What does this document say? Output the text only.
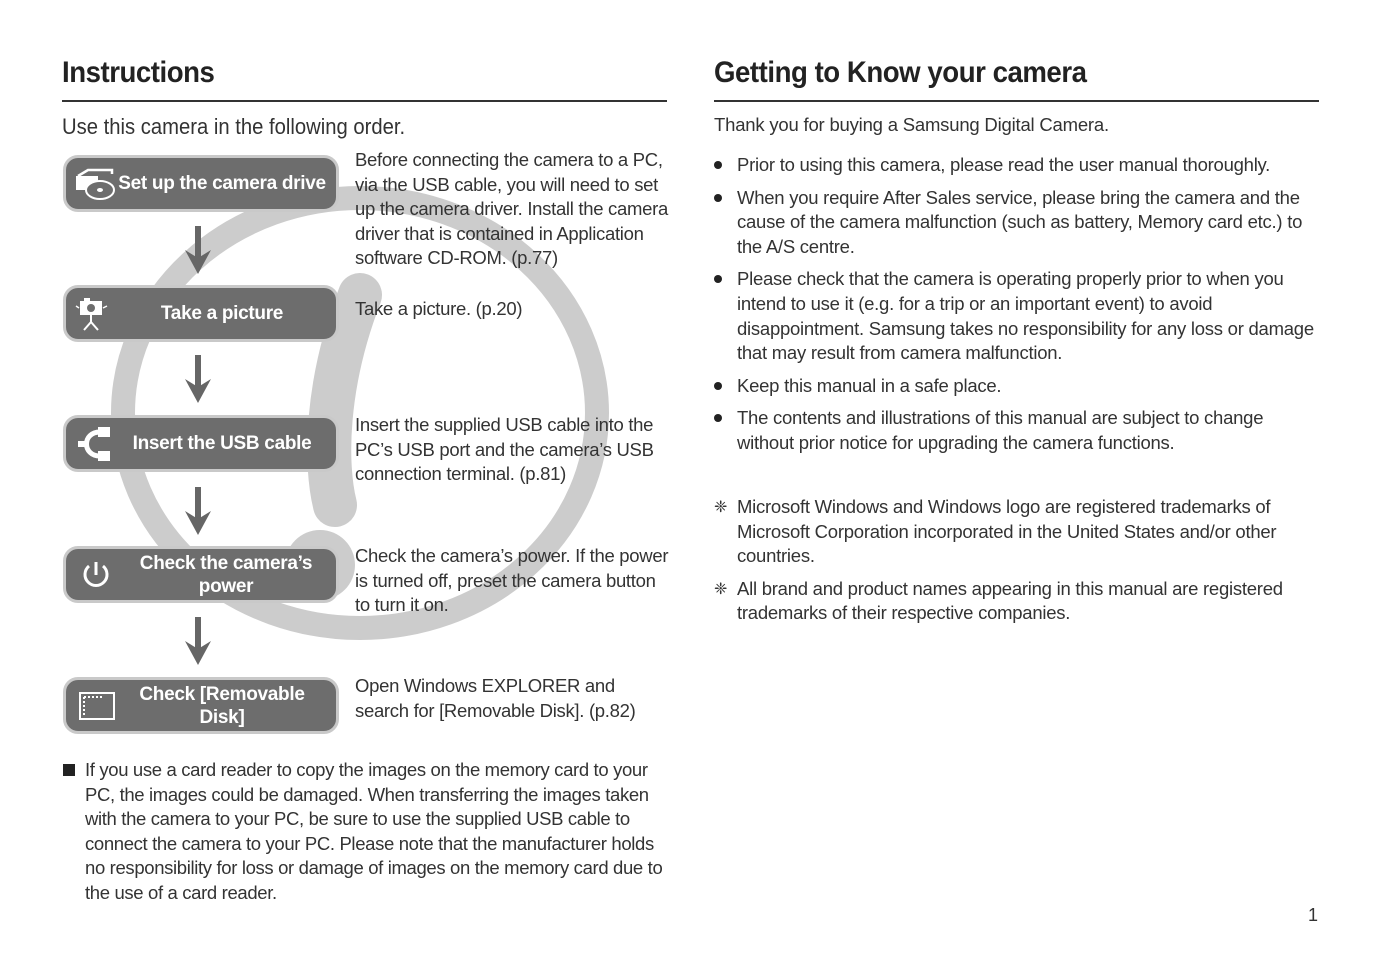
Instructions
Use this camera in the following order.
Set up the camera drive
Before connecting the camera to a PC, via the USB cable, you will need to set up the camera driver. Install the camera driver that is contained in Application software CD-ROM. (p.77)
Take a picture	Take a picture. (p.20)
Insert the USB cable
Insert the supplied USB cable into the PC’s USB port and the camera’s USB connection terminal. (p.81)
Check the camera’s power
Check the camera’s power. If the power is turned off, preset the camera button to turn it on.
Check [Removable Disk]
Open Windows EXPLORER and search for [Removable Disk]. (p.82)
If you use a card reader to copy the images on the memory card to your PC, the images could be damaged. When transferring the images taken with the camera to your PC, be sure to use the supplied USB cable to connect the camera to your PC. Please note that the manufacturer holds no responsibility for loss or damage of images on the memory card due to the use of a card reader.
Getting to Know your camera
Thank you for buying a Samsung Digital Camera.
Prior to using this camera, please read the user manual thoroughly.
When you require After Sales service, please bring the camera and the cause of the camera malfunction (such as battery, Memory card etc.) to the A/S centre.
Please check that the camera is operating properly prior to when you intend to use it (e.g. for a trip or an important event) to avoid disappointment. Samsung takes no responsibility for any loss or damage that may result from camera malfunction.
Keep this manual in a safe place.
The contents and illustrations of this manual are subject to change without prior notice for upgrading the camera functions.
❈ Microsoft Windows and Windows logo are registered trademarks of Microsoft Corporation incorporated in the United States and/or other countries.
❈ All brand and product names appearing in this manual are registered trademarks of their respective companies.
1
